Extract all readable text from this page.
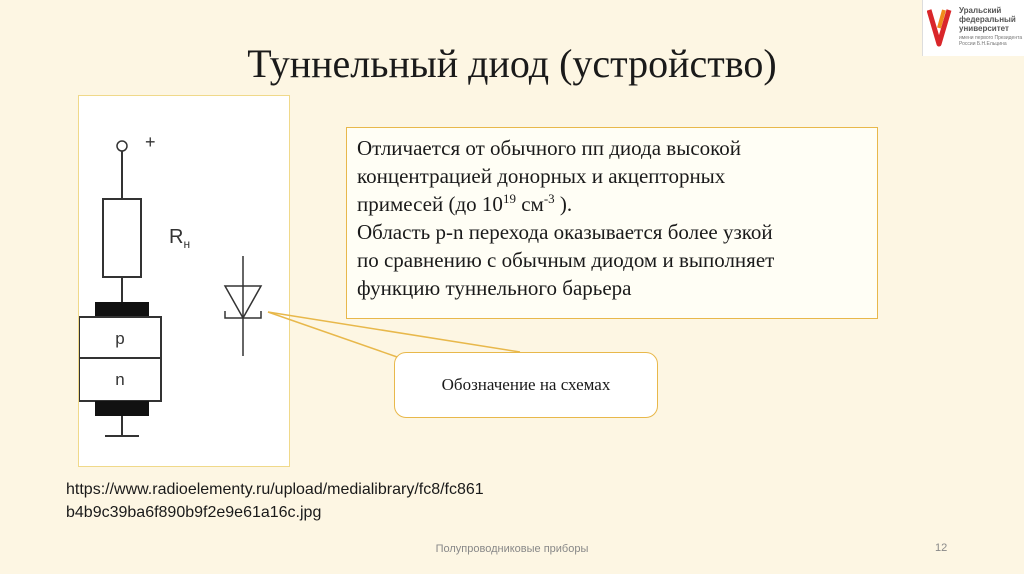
Туннельный диод (устройство)
Уральский федеральный университет
имени первого Президента России Б.Н.Ельцина
+
$R_н$
p
n

Отличается от обычного пп диода высокой

концентрацией донорных и акцепторных

примесей (до $10^{19}$ $см^{-3}$ ).

Область p-n перехода оказывается более узкой

по сравнению с обычным диодом и выполняет

функцию туннельного барьера

Обозначение на схемах
https://www.radioelementy.ru/upload/medialibrary/fc8/fc861
b4b9c39ba6f890b9f2e9e61a16c.jpg
Полупроводниковые приборы	12
